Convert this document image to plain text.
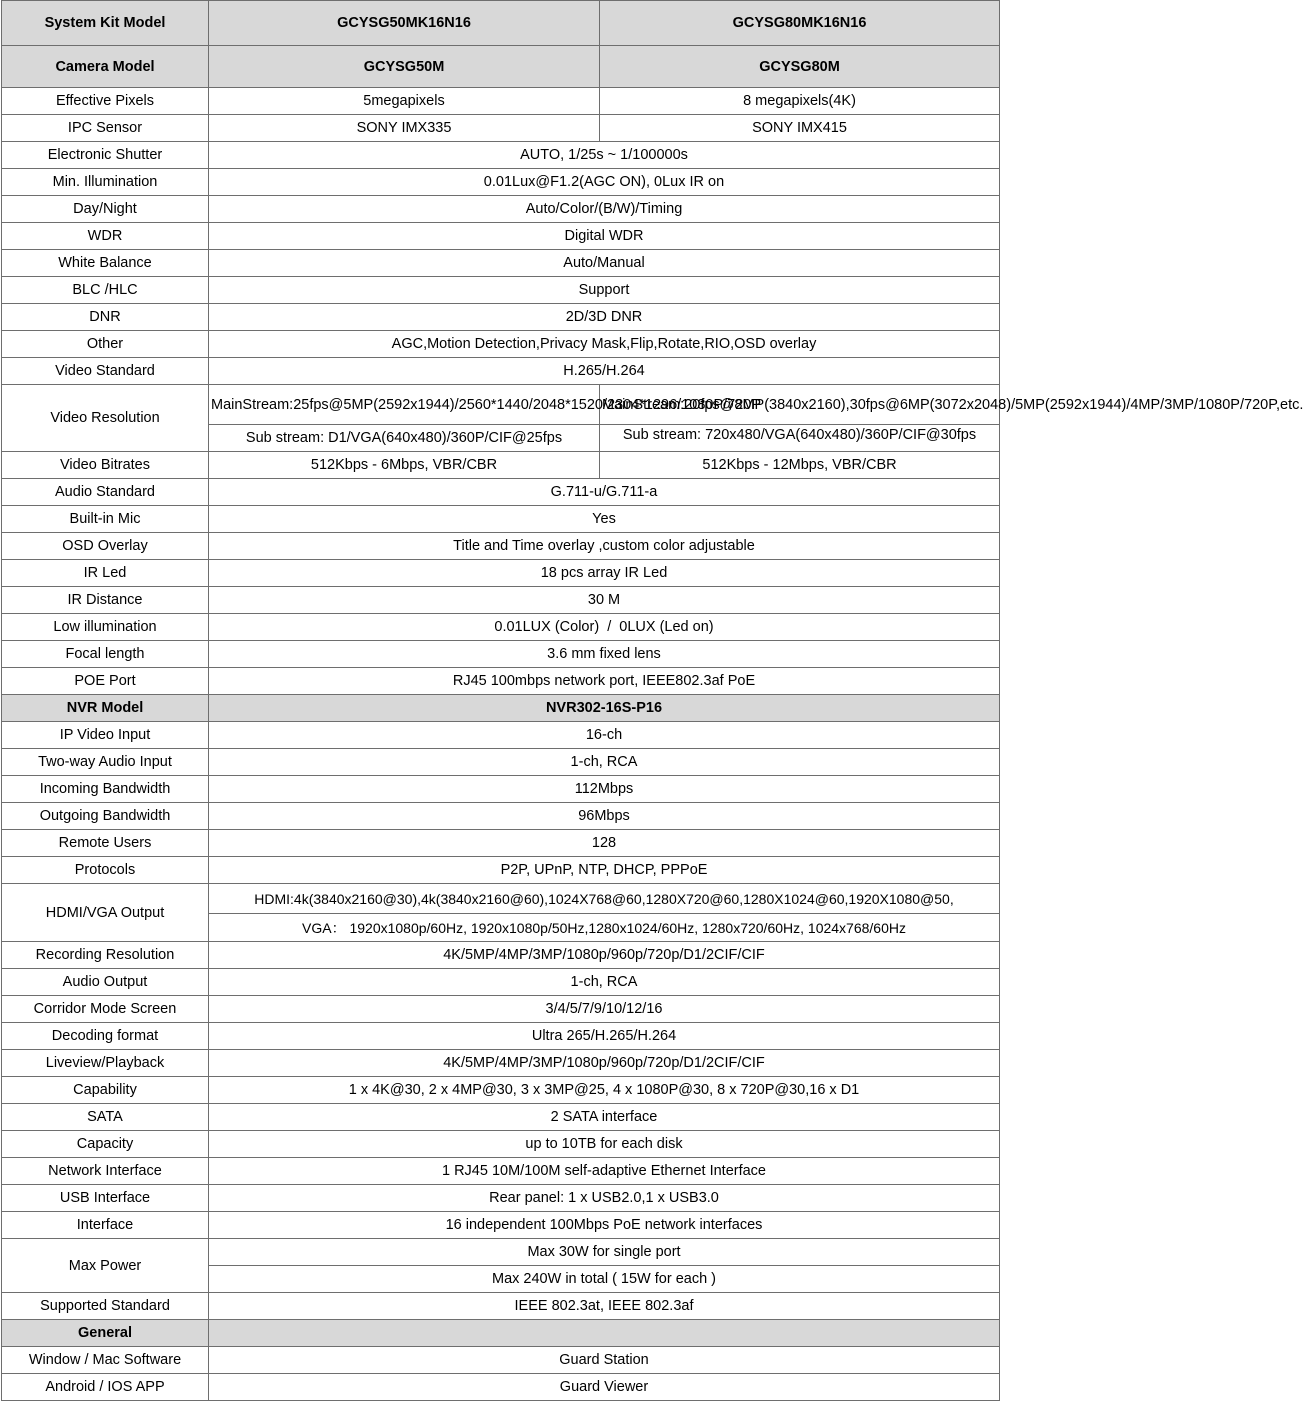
System Kit Model	GCYSG50MK16N16	GCYSG80MK16N16
Camera Model	GCYSG50M	GCYSG80M
Effective Pixels	5megapixels	8 megapixels(4K)
IPC Sensor	SONY IMX335	SONY IMX415
Electronic Shutter	AUTO, 1/25s ~ 1/100000s	
Min. Illumination	0.01Lux@F1.2(AGC ON), 0Lux IR on	
Day/Night	Auto/Color/(B/W)/Timing	
WDR	Digital WDR	
White Balance	Auto/Manual	
BLC /HLC	Support	
DNR	2D/3D DNR	
Other	AGC,Motion Detection,Privacy Mask,Flip,Rotate,RIO,OSD overlay	
Video Standard	H.265/H.264	
Video Resolution	MainStream:25fps@5MP(2592x1944)/2560*1440/2048*1520/2304*1296/1080P/720P	MainStream:20fps@8MP(3840x2160),30fps@6MP(3072x2048)/5MP(2592x1944)/4MP/3MP/1080P/720P,etc.
	Sub stream: D1/VGA(640x480)/360P/CIF@25fps	Sub stream: 720x480/VGA(640x480)/360P/CIF@30fps

Video Bitrates	512Kbps - 6Mbps, VBR/CBR	512Kbps - 12Mbps, VBR/CBR
Audio Standard	G.711-u/G.711-a	
Built-in Mic	Yes	
OSD Overlay	Title and Time overlay ,custom color adjustable	
IR Led	18 pcs array IR Led	
IR Distance	30 M	
Low illumination	0.01LUX (Color)  /  0LUX (Led on)	
Focal length	3.6 mm fixed lens	
POE Port	RJ45 100mbps network port, IEEE802.3af PoE	
NVR Model	NVR302-16S-P16	
IP Video Input	16-ch	
Two-way Audio Input	1-ch, RCA	
Incoming Bandwidth	112Mbps	
Outgoing Bandwidth	96Mbps	
Remote Users	128	
Protocols	P2P, UPnP, NTP, DHCP, PPPoE	
HDMI/VGA Output	HDMI:4k(3840x2160@30),4k(3840x2160@60),1024X768@60,1280X720@60,1280X1024@60,1920X1080@50,	
	VGA： 1920x1080p/60Hz, 1920x1080p/50Hz,1280x1024/60Hz, 1280x720/60Hz, 1024x768/60Hz	
Recording Resolution	4K/5MP/4MP/3MP/1080p/960p/720p/D1/2CIF/CIF	
Audio Output	1-ch, RCA	
Corridor Mode Screen	3/4/5/7/9/10/12/16	
Decoding format	Ultra 265/H.265/H.264	
Liveview/Playback	4K/5MP/4MP/3MP/1080p/960p/720p/D1/2CIF/CIF	
Capability	1 x 4K@30, 2 x 4MP@30, 3 x 3MP@25, 4 x 1080P@30, 8 x 720P@30,16 x D1	
SATA	2 SATA interface	
Capacity	up to 10TB for each disk	
Network Interface	1 RJ45 10M/100M self-adaptive Ethernet Interface	
USB Interface	Rear panel: 1 x USB2.0,1 x USB3.0	
Interface	16 independent 100Mbps PoE network interfaces	
Max Power	Max 30W for single port	
	Max 240W in total ( 15W for each )	
Supported Standard	IEEE 802.3at, IEEE 802.3af	
General		
Window / Mac Software	Guard Station	
Android / IOS APP	Guard Viewer	
